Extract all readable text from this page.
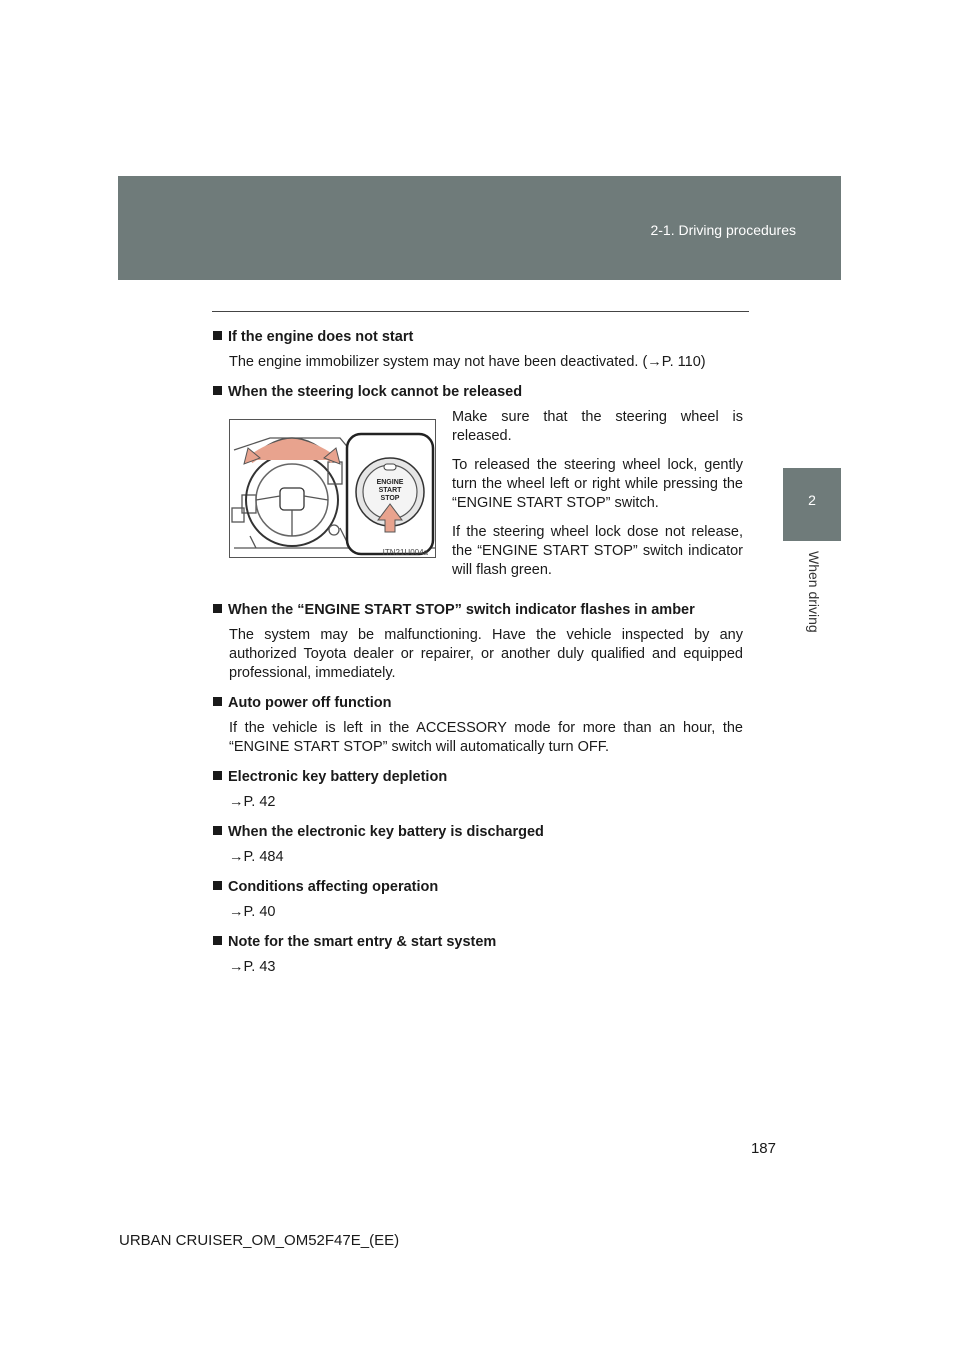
2-1. Driving procedures
2
When driving
If the engine does not start

The engine immobilizer system may not have been deactivated. (→P. 110)

When the steering lock cannot be released
ENGINE
START
STOP
ITN21U004a

Make sure that the steering wheel is released.

To released the steering wheel lock, gently turn the wheel left or right while pressing the “ENGINE START STOP” switch.

If the steering wheel lock dose not release, the “ENGINE START STOP” switch indicator will flash green.

When the “ENGINE START STOP” switch indicator flashes in amber

The system may be malfunctioning. Have the vehicle inspected by any authorized Toyota dealer or repairer, or another duly qualified and equipped professional, immediately.

Auto power off function

If the vehicle is left in the ACCESSORY mode for more than an hour, the “ENGINE START STOP” switch will automatically turn OFF.

Electronic key battery depletion

→P. 42

When the electronic key battery is discharged

→P. 484

Conditions affecting operation

→P. 40

Note for the smart entry & start system

→P. 43

187
URBAN CRUISER_OM_OM52F47E_(EE)
